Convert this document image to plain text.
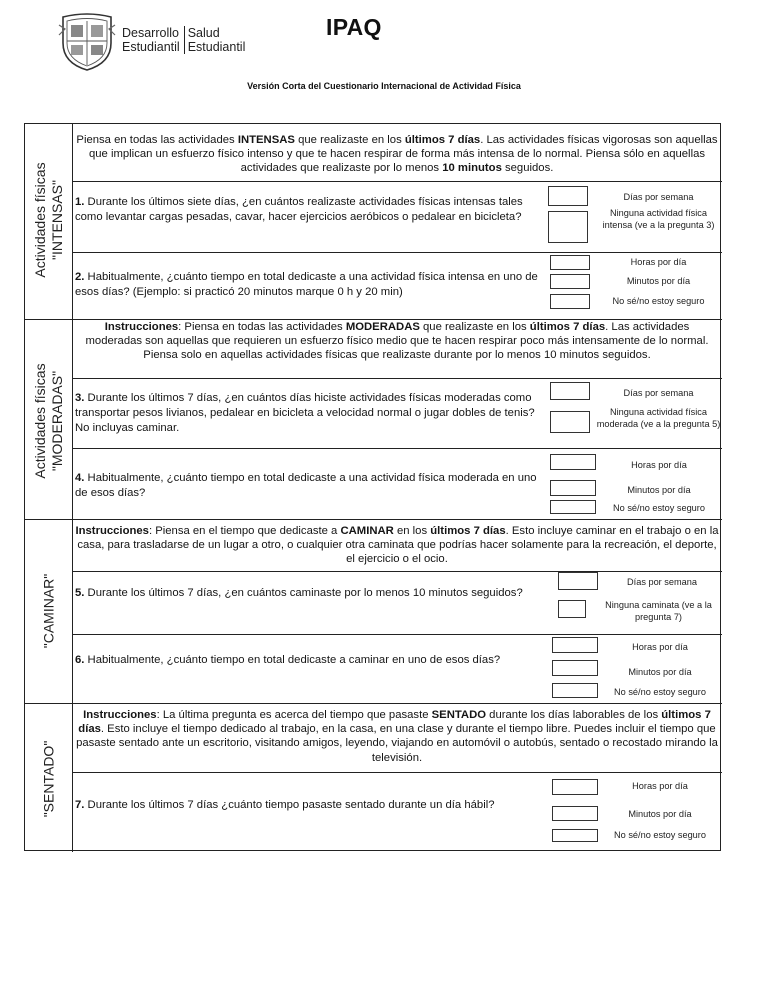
Desarrollo
Estudiantil
Salud
Estudiantil
IPAQ
Versión Corta del Cuestionario Internacional de Actividad Física
Actividades físicas "INTENSAS"
Actividades físicas "MODERADAS"
"CAMINAR"
"SENTADO"
Piensa en todas las actividades INTENSAS que realizaste en los últimos 7 días. Las actividades físicas vigorosas son aquellas que implican un esfuerzo físico intenso y que te hacen respirar de forma más intensa de lo normal. Piensa sólo en aquellas actividades que realizaste por lo menos 10 minutos seguidos.
1. Durante los últimos siete días, ¿en cuántos realizaste actividades físicas intensas tales como levantar cargas pesadas, cavar, hacer ejercicios aeróbicos o pedalear en bicicleta?
Días por semana
Ninguna actividad física intensa (ve a la pregunta 3)
2. Habitualmente, ¿cuánto tiempo en total dedicaste a una actividad física intensa en uno de esos días? (Ejemplo: si practicó 20 minutos marque 0 h y 20 min)
Horas por día
Minutos por día
No sé/no estoy seguro
Instrucciones: Piensa en todas las actividades MODERADAS que realizaste en los últimos 7 días. Las actividades moderadas son aquellas que requieren un esfuerzo físico medio que te hacen respirar poco más intensamente de lo normal. Piensa solo en aquellas actividades físicas que realizaste durante por lo menos 10 minutos seguidos.
3. Durante los últimos 7 días, ¿en cuántos días hiciste actividades físicas moderadas como transportar pesos livianos, pedalear en bicicleta a velocidad normal o jugar dobles de tenis? No incluyas caminar.
Días por semana
Ninguna actividad física moderada (ve a la pregunta 5)
4. Habitualmente, ¿cuánto tiempo en total dedicaste a una actividad física moderada en uno de esos días?
Horas por día
Minutos por día
No sé/no estoy seguro
Instrucciones: Piensa en el tiempo que dedicaste a CAMINAR en los últimos 7 días. Esto incluye caminar en el trabajo o en la casa, para trasladarse de un lugar a otro, o cualquier otra caminata que podrías hacer solamente para la recreación, el deporte, el ejercicio o el ocio.
5. Durante los últimos 7 días, ¿en cuántos caminaste por lo menos 10 minutos seguidos?
Días por semana
Ninguna caminata (ve a la pregunta 7)
6. Habitualmente, ¿cuánto tiempo en total dedicaste a caminar en uno de esos días?
Horas por día
Minutos por día
No sé/no estoy seguro
Instrucciones: La última pregunta es acerca del tiempo que pasaste SENTADO durante los días laborables de los últimos 7 días. Esto incluye el tiempo dedicado al trabajo, en la casa, en una clase y durante el tiempo libre. Puedes incluir el tiempo que pasaste sentado ante un escritorio, visitando amigos, leyendo, viajando en automóvil o autobús, sentado o recostado mirando la televisión.
7. Durante los últimos 7 días ¿cuánto tiempo pasaste sentado durante un día hábil?
Horas por día
Minutos por día
No sé/no estoy seguro
